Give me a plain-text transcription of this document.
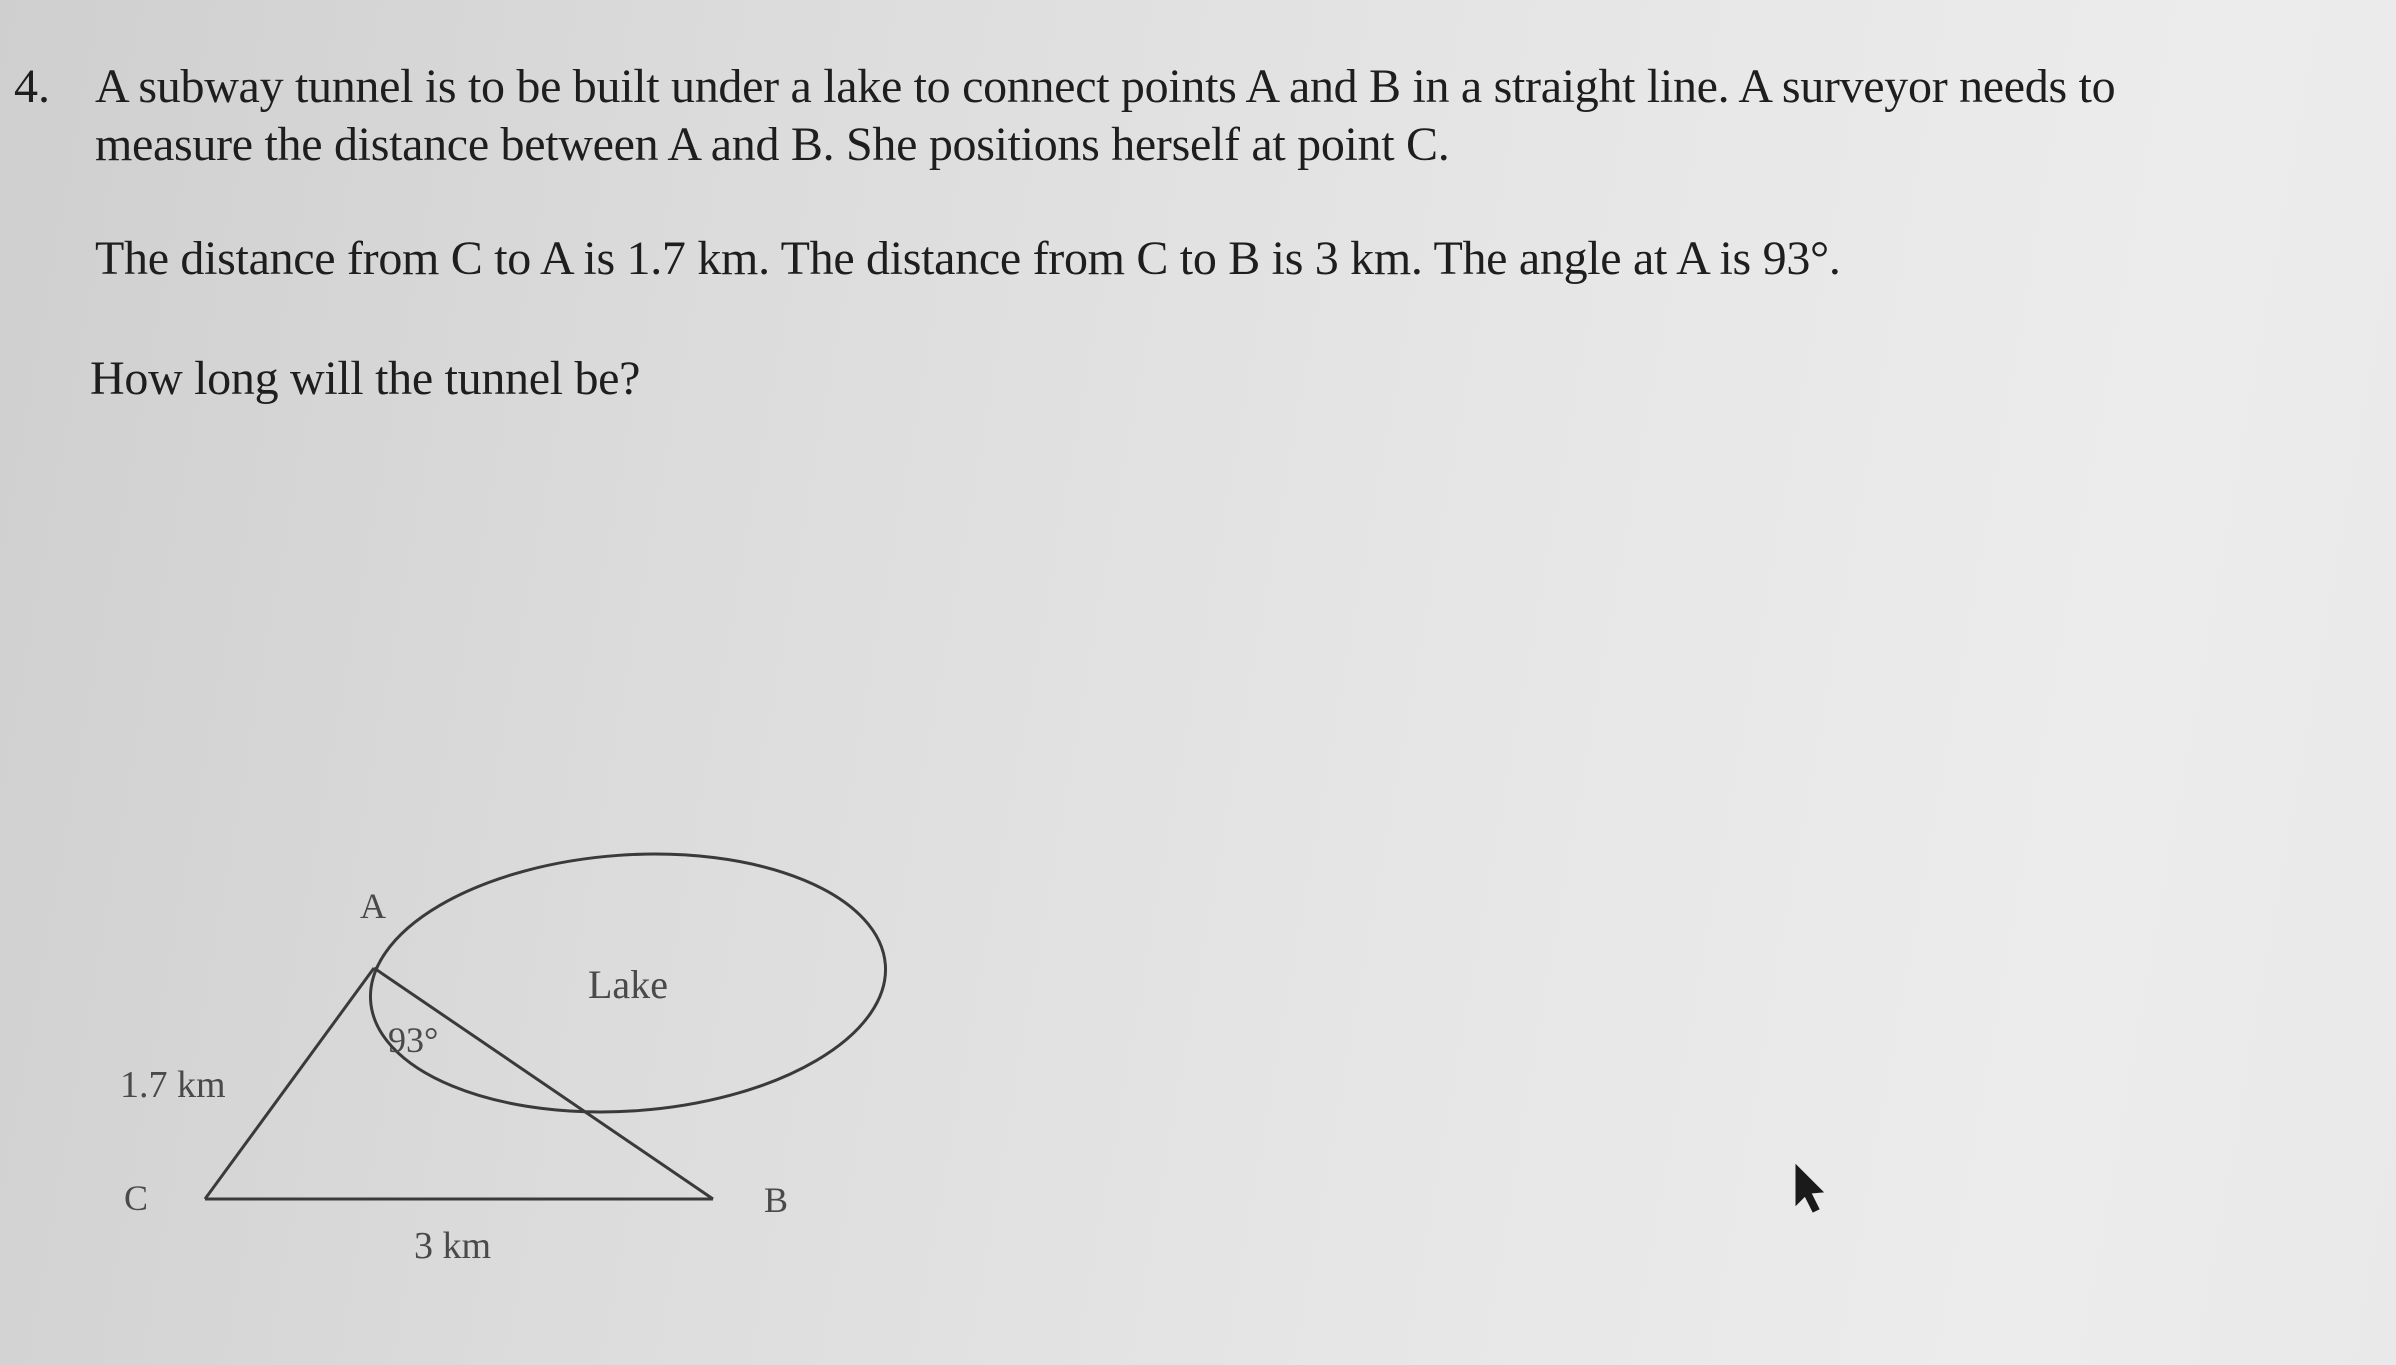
4. A subway tunnel is to be built under a lake to connect points A and B in a straight line. A surveyor needs to

measure the distance between A and B. She positions herself at point C.

The distance from C to A is 1.7 km. The distance from C to B is 3 km. The angle at A is 93°.

How long will the tunnel be?

A
Lake
93°
1.7 km
C	B
3 km
